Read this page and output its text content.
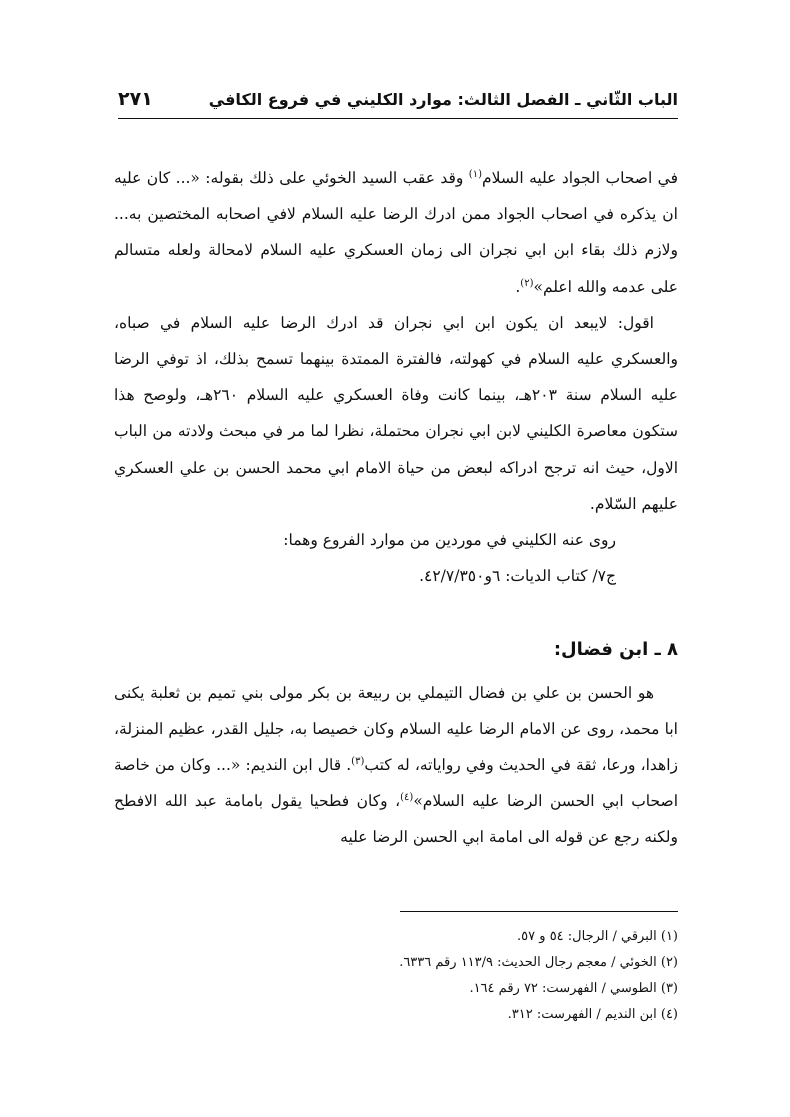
الباب الثّاني ـ الفصل الثالث: موارد الكليني في فروع الكافي
٢٧١

في اصحاب الجواد عليه السلام$^{(١)}$ وقد عقب السيد الخوئي على ذلك بقوله: «... كان عليه ان يذكره في اصحاب الجواد ممن ادرك الرضا عليه السلام لافي اصحابه المختصين به... ولازم ذلك بقاء ابن ابي نجران الى زمان العسكري عليه السلام لامحالة ولعله متسالم على عدمه والله اعلم»$^{(٢)}$.

اقول: لايبعد ان يكون ابن ابي نجران قد ادرك الرضا عليه السلام في صباه، والعسكري عليه السلام في كهولته، فالفترة الممتدة بينهما تسمح بذلك، اذ توفي الرضا عليه السلام سنة ٢٠٣هـ، بينما كانت وفاة العسكري عليه السلام ٢٦٠هـ، ولوصح هذا ستكون معاصرة الكليني لابن ابي نجران محتملة، نظرا لما مر في مبحث ولادته من الباب الاول، حيث انه ترجح ادراكه لبعض من حياة الامام ابي محمد الحسن بن علي العسكري عليهم السّلام.

روى عنه الكليني في موردين من موارد الفروع وهما:

ج٧/ كتاب الديات: ٦و٤٢/٧/٣٥٠.

٨ ـ ابن فضال:

هو الحسن بن علي بن فضال التيملي بن ربيعة بن بكر مولى بني تميم بن ثعلبة يكنى ابا محمد، روى عن الامام الرضا عليه السلام وكان خصيصا به، جليل القدر، عظيم المنزلة، زاهدا، ورعا، ثقة في الحديث وفي رواياته، له كتب$^{(٣)}$. قال ابن النديم: «... وكان من خاصة اصحاب ابي الحسن الرضا عليه السلام»$^{(٤)}$، وكان فطحيا يقول بامامة عبد الله الافطح ولكنه رجع عن قوله الى امامة ابي الحسن الرضا عليه

(١) البرقي / الرجال: ٥٤ و ٥٧.

(٢) الخوئي / معجم رجال الحديث: ١١٣/٩ رقم ٦٣٣٦.

(٣) الطوسي / الفهرست: ٧٢ رقم ١٦٤.

(٤) ابن النديم / الفهرست: ٣١٢.
